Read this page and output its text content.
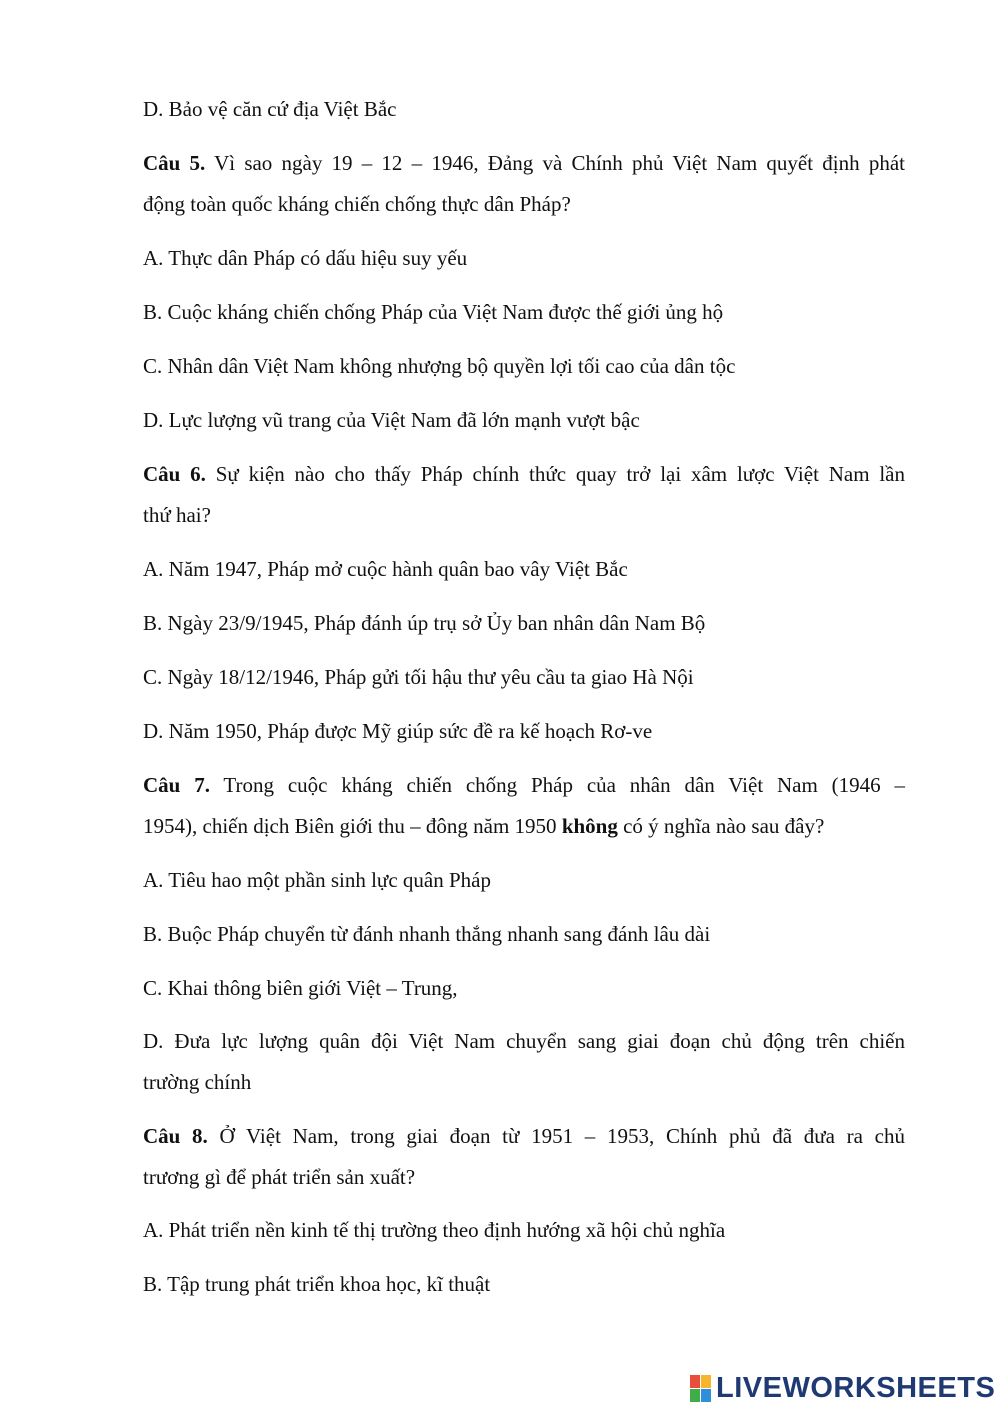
D. Bảo vệ căn cứ địa Việt Bắc
Câu 5. Vì sao ngày 19 – 12 – 1946, Đảng và Chính phủ Việt Nam quyết định phát
động toàn quốc kháng chiến chống thực dân Pháp?
A. Thực dân Pháp có dấu hiệu suy yếu
B. Cuộc kháng chiến chống Pháp của Việt Nam được thế giới ủng hộ
C. Nhân dân Việt Nam không nhượng bộ quyền lợi tối cao của dân tộc
D. Lực lượng vũ trang của Việt Nam đã lớn mạnh vượt bậc
Câu 6. Sự kiện nào cho thấy Pháp chính thức quay trở lại xâm lược Việt Nam lần
thứ hai?
A. Năm 1947, Pháp mở cuộc hành quân bao vây Việt Bắc
B. Ngày 23/9/1945, Pháp đánh úp trụ sở Ủy ban nhân dân Nam Bộ
C. Ngày 18/12/1946, Pháp gửi tối hậu thư yêu cầu ta giao Hà Nội
D. Năm 1950, Pháp được Mỹ giúp sức đề ra kế hoạch Rơ-ve
Câu 7. Trong cuộc kháng chiến chống Pháp của nhân dân Việt Nam (1946 –
1954), chiến dịch Biên giới thu – đông năm 1950 không có ý nghĩa nào sau đây?
A. Tiêu hao một phần sinh lực quân Pháp
B. Buộc Pháp chuyển từ đánh nhanh thắng nhanh sang đánh lâu dài
C. Khai thông biên giới Việt – Trung,
D. Đưa lực lượng quân đội Việt Nam chuyển sang giai đoạn chủ động trên chiến
trường chính
Câu 8. Ở Việt Nam, trong giai đoạn từ 1951 – 1953, Chính phủ đã đưa ra chủ
trương gì để phát triển sản xuất?
A. Phát triển nền kinh tế thị trường theo định hướng xã hội chủ nghĩa
B. Tập trung phát triển khoa học, kĩ thuật
LIVEWORKSHEETS
